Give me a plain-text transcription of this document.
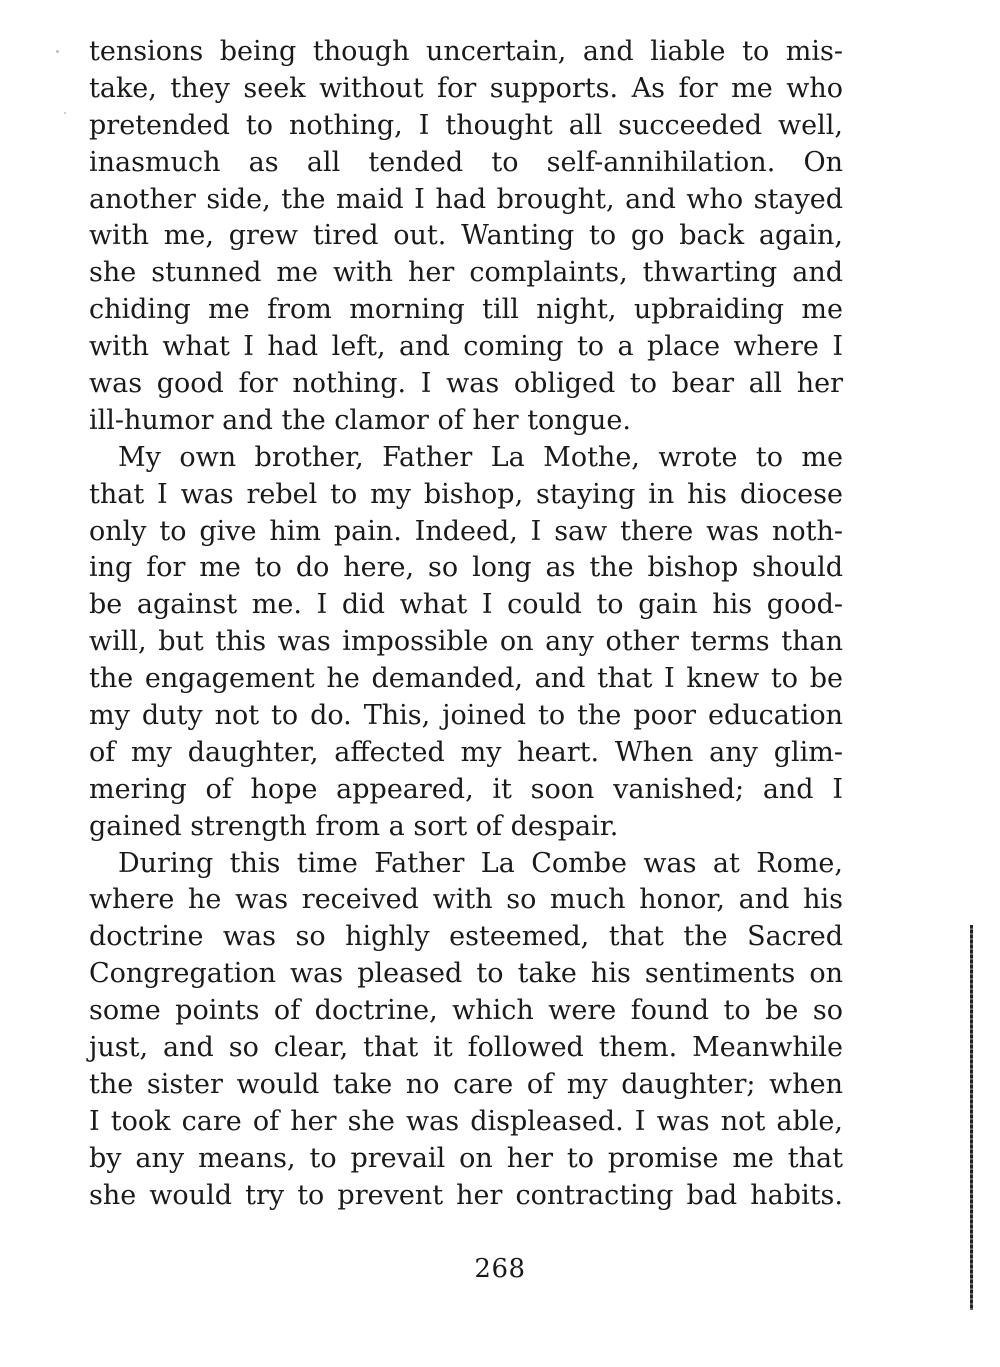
tensions being though uncertain, and liable to mis-
take, they seek without for supports. As for me who
pretended to nothing, I thought all succeeded well,
inasmuch as all tended to self-annihilation. On
another side, the maid I had brought, and who stayed
with me, grew tired out. Wanting to go back again,
she stunned me with her complaints, thwarting and
chiding me from morning till night, upbraiding me
with what I had left, and coming to a place where I
was good for nothing. I was obliged to bear all her
ill-humor and the clamor of her tongue.
My own brother, Father La Mothe, wrote to me
that I was rebel to my bishop, staying in his diocese
only to give him pain. Indeed, I saw there was noth-
ing for me to do here, so long as the bishop should
be against me. I did what I could to gain his good-
will, but this was impossible on any other terms than
the engagement he demanded, and that I knew to be
my duty not to do. This, joined to the poor education
of my daughter, affected my heart. When any glim-
mering of hope appeared, it soon vanished; and I
gained strength from a sort of despair.
During this time Father La Combe was at Rome,
where he was received with so much honor, and his
doctrine was so highly esteemed, that the Sacred
Congregation was pleased to take his sentiments on
some points of doctrine, which were found to be so
just, and so clear, that it followed them. Meanwhile
the sister would take no care of my daughter; when
I took care of her she was displeased. I was not able,
by any means, to prevail on her to promise me that
she would try to prevent her contracting bad habits.
268
